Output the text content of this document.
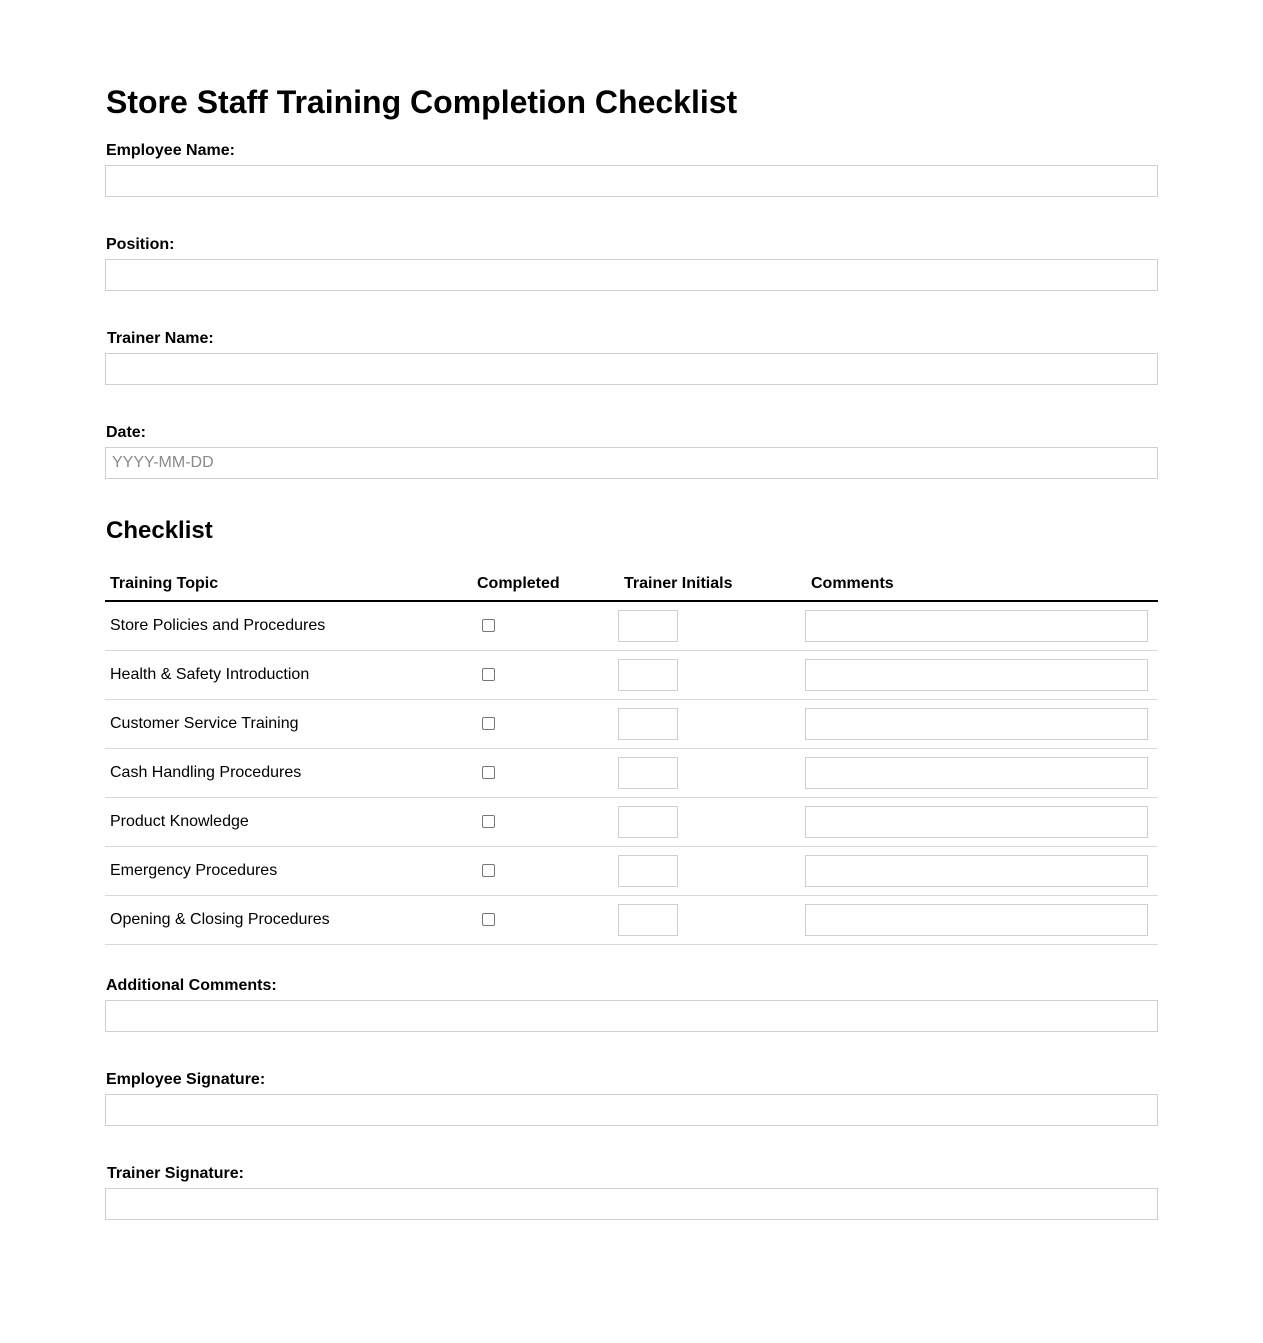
Store Staff Training Completion Checklist
Employee Name:
Position:
Trainer Name:
Date:
YYYY-MM-DD
Checklist
Training Topic	Completed	Trainer Initials	Comments
Store Policies and Procedures		

Health & Safety Introduction		

Customer Service Training		

Cash Handling Procedures		

Product Knowledge		

Emergency Procedures		

Opening & Closing Procedures		

Additional Comments:
Employee Signature:
Trainer Signature:
